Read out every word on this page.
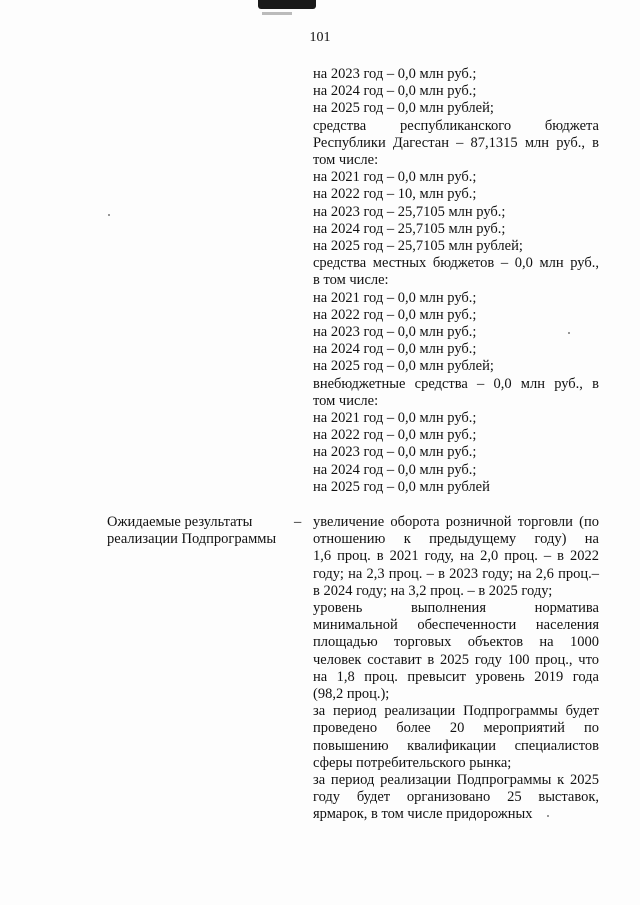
101
на 2023 год – 0,0 млн руб.;
на 2024 год – 0,0 млн руб.;
на 2025 год – 0,0 млн рублей;
средства республиканского бюджета
Республики Дагестан – 87,1315 млн руб., в
том числе:
на 2021 год – 0,0 млн руб.;
на 2022 год – 10, млн руб.;
на 2023 год – 25,7105 млн руб.;
на 2024 год – 25,7105 млн руб.;
на 2025 год – 25,7105 млн рублей;
средства местных бюджетов – 0,0 млн руб.,
в том числе:
на 2021 год – 0,0 млн руб.;
на 2022 год – 0,0 млн руб.;
на 2023 год – 0,0 млн руб.;
на 2024 год – 0,0 млн руб.;
на 2025 год – 0,0 млн рублей;
внебюджетные средства – 0,0 млн руб., в
том числе:
на 2021 год – 0,0 млн руб.;
на 2022 год – 0,0 млн руб.;
на 2023 год – 0,0 млн руб.;
на 2024 год – 0,0 млн руб.;
на 2025 год – 0,0 млн рублей
Ожидаемые результаты реализации Подпрограммы
– увеличение оборота розничной торговли (по
отношению к предыдущему году) на
1,6 проц. в 2021 году, на 2,0 проц. – в 2022
году; на 2,3 проц. – в 2023 году; на 2,6 проц.–
в 2024 году; на 3,2 проц. – в 2025 году;
уровень выполнения норматива
минимальной обеспеченности населения
площадью торговых объектов на 1000
человек составит в 2025 году 100 проц., что
на 1,8 проц. превысит уровень 2019 года
(98,2 проц.);
за период реализации Подпрограммы будет
проведено более 20 мероприятий по
повышению квалификации специалистов
сферы потребительского рынка;
за период реализации Подпрограммы к 2025
году будет организовано 25 выставок,
ярмарок, в том числе придорожных
